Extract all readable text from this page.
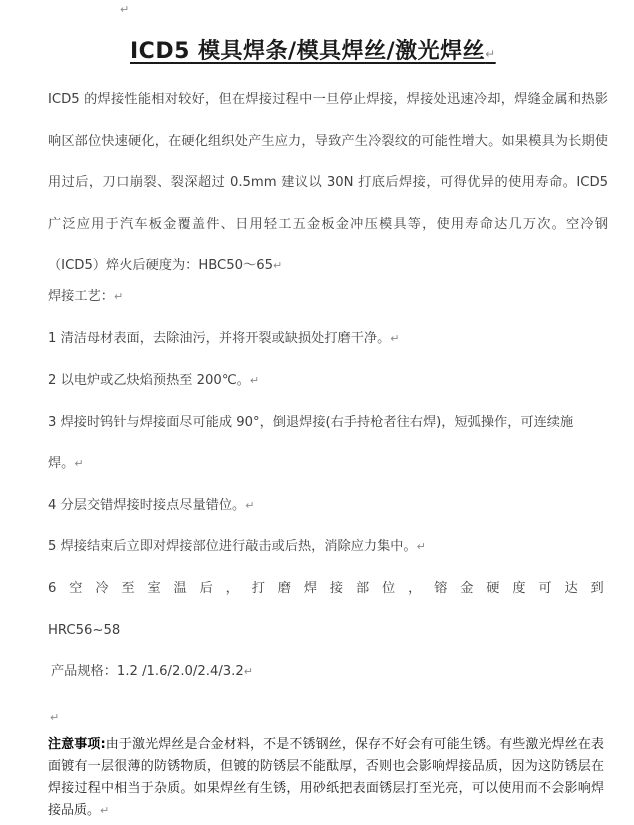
↵
ICD5 模具焊条/模具焊丝/激光焊丝↵

ICD5 的焊接性能相对较好，但在焊接过程中一旦停止焊接，焊接处迅速冷却，焊缝金属和热影响区部位快速硬化，在硬化组织处产生应力，导致产生冷裂纹的可能性增大。如果模具为长期使用过后，刀口崩裂、裂深超过 0.5mm 建议以 30N 打底后焊接，可得优异的使用寿命。ICD5 广泛应用于汽车板金覆盖件、日用轻工五金板金冲压模具等，使用寿命达几万次。空冷钢（ICD5）焠火后硬度为：HBC50～65↵

焊接工艺：↵

1 清洁母材表面，去除油污，并将开裂或缺损处打磨干净。↵

2 以电炉或乙炔焰预热至 200℃。↵

3 焊接时钨针与焊接面尽可能成 90°，倒退焊接(右手持枪者往右焊)，短弧操作，可连续施

焊。↵

4 分层交错焊接时接点尽量错位。↵

5 焊接结束后立即对焊接部位进行敲击或后热，消除应力集中。↵

6 空 冷 至 室 温 后 ， 打 磨 焊 接 部 位 ， 镕 金 硬 度 可 达 到

HRC56~58

产品规格：1.2 /1.6/2.0/2.4/3.2↵

↵

注意事项:由于激光焊丝是合金材料，不是不锈钢丝，保存不好会有可能生锈。有些激光焊丝在表面镀有一层很薄的防锈物质，但镀的防锈层不能酞厚，否则也会影响焊接品质，因为这防锈层在焊接过程中相当于杂质。如果焊丝有生锈，用砂纸把表面锈层打至光亮，可以使用而不会影响焊接品质。↵
